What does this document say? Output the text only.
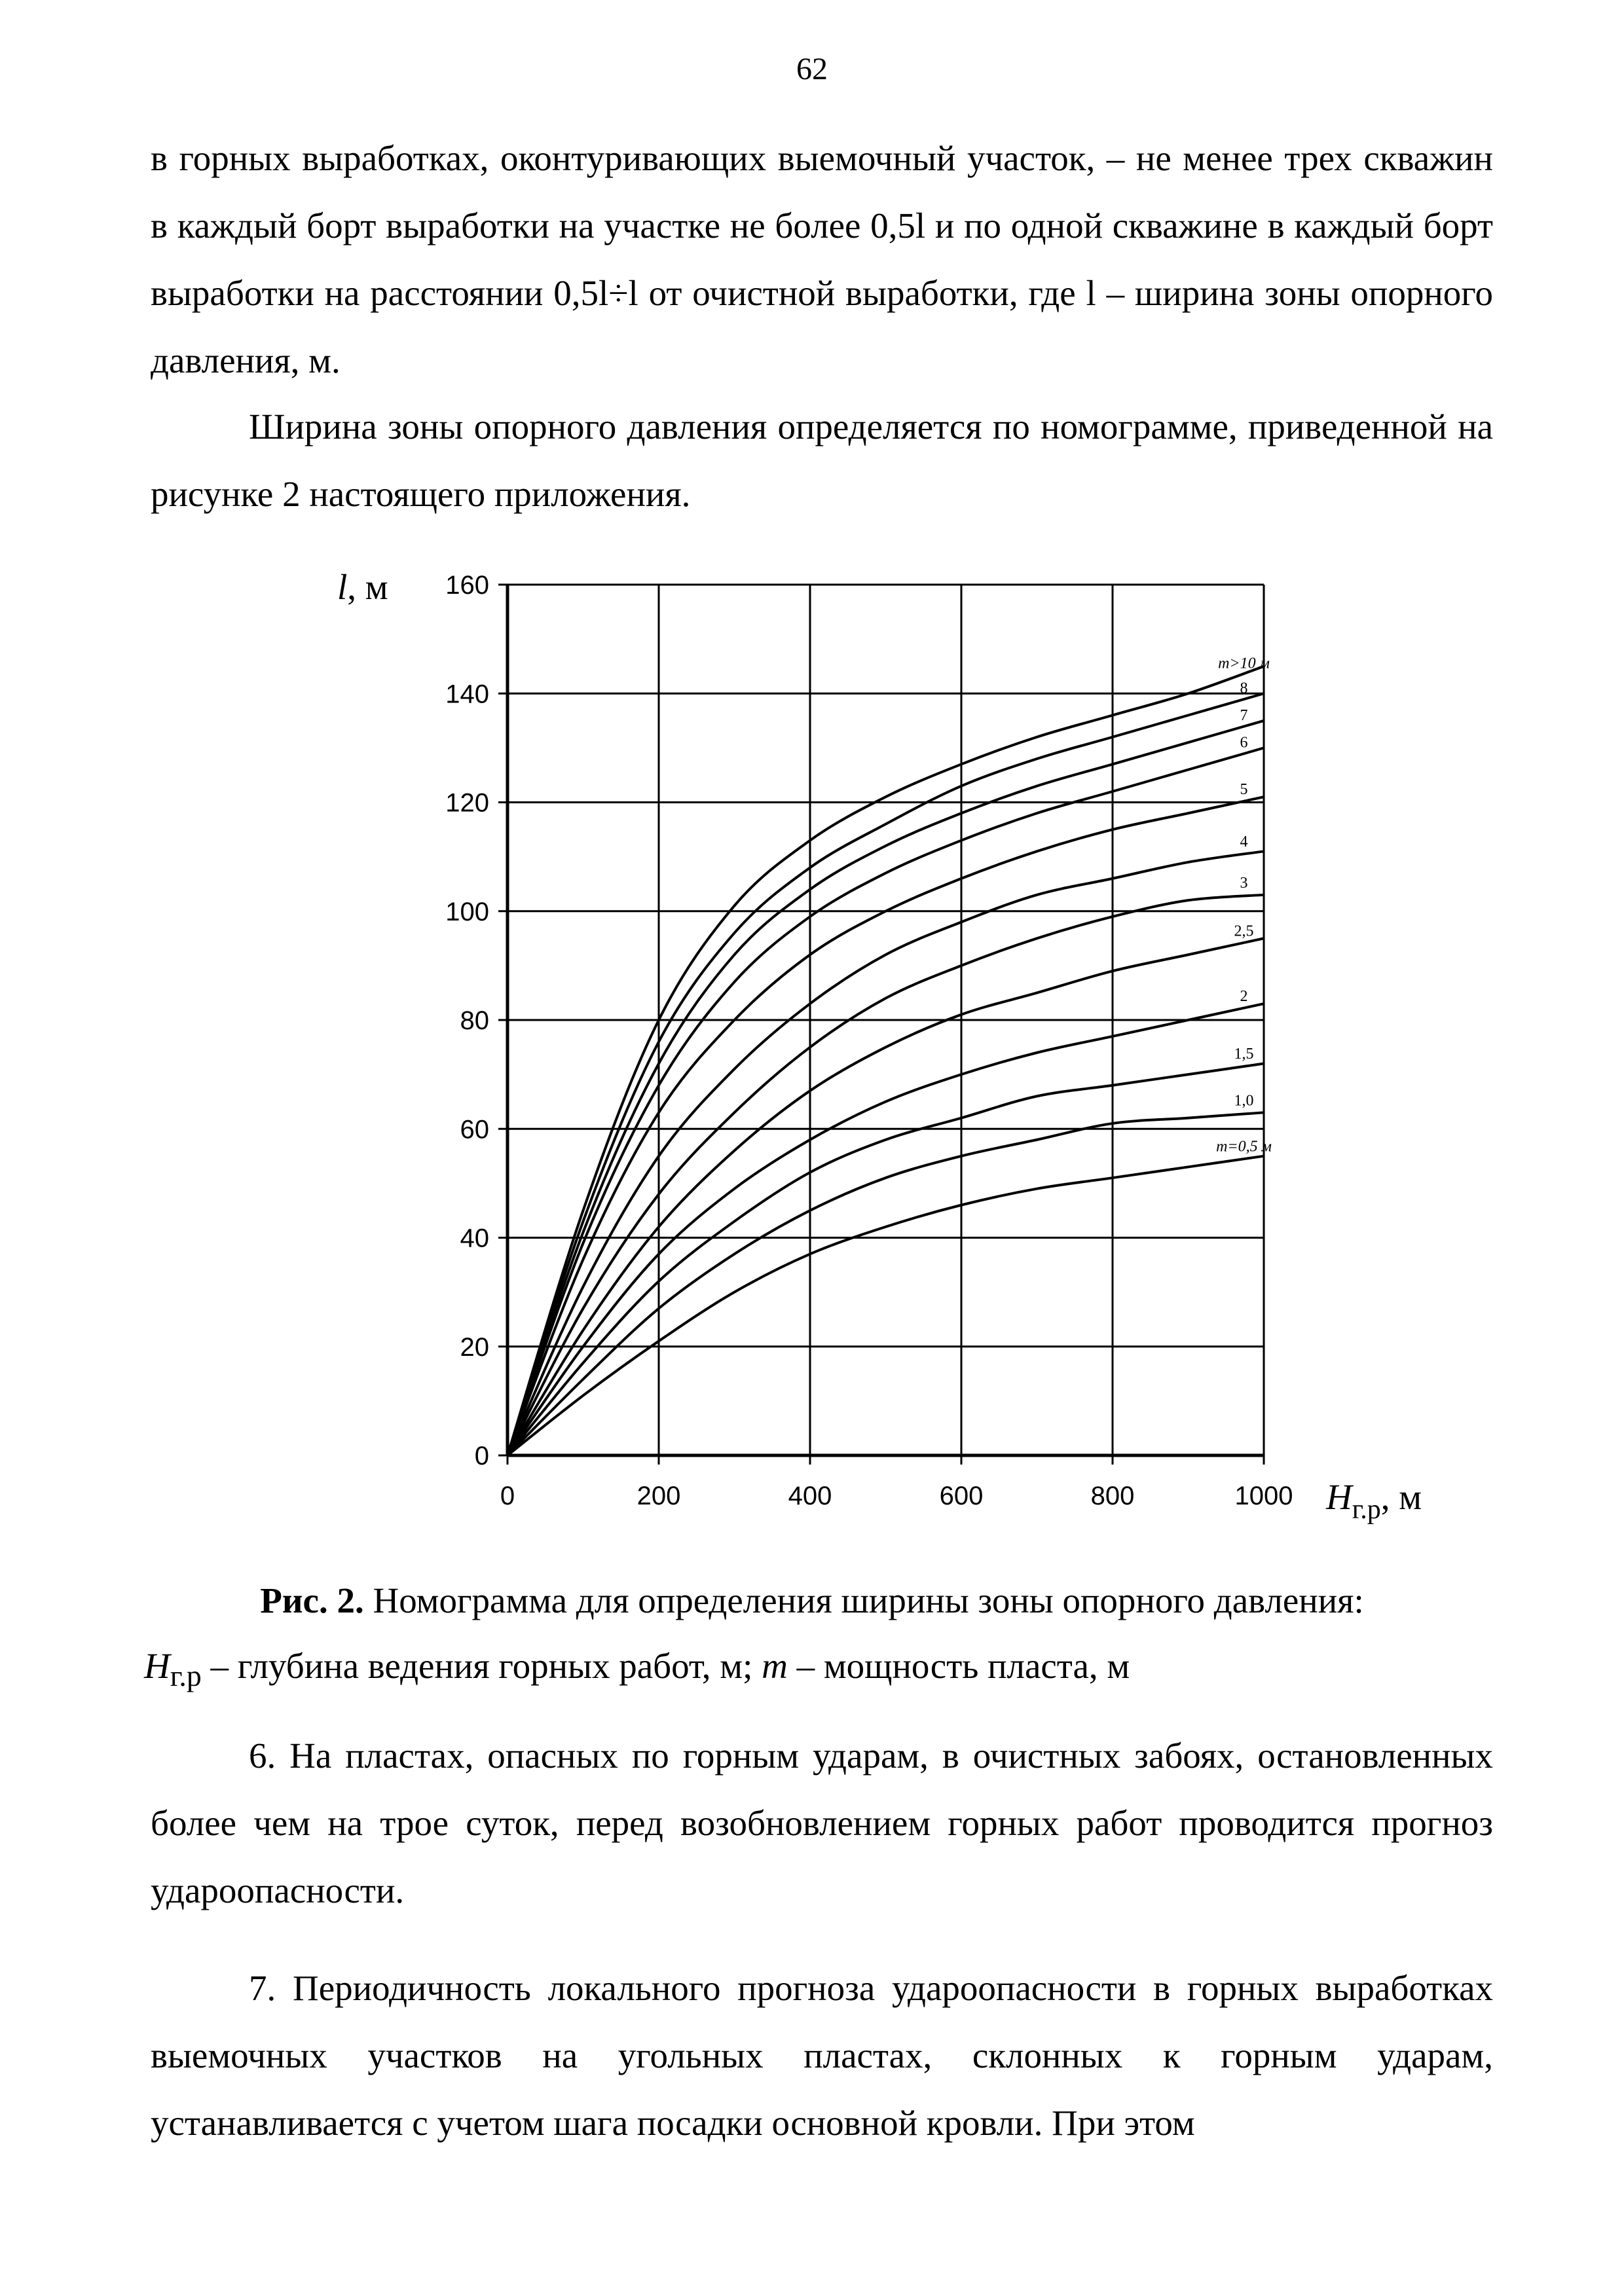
62

в горных выработках, оконтуривающих выемочный участок, – не менее трех скважин в каждый борт выработки на участке не более 0,5l и по одной скважине в каждый борт выработки на расстоянии 0,5l÷l от очистной выработки, где l – ширина зоны опорного давления, м.

Ширина зоны опорного давления определяется по номограмме, приведенной на рисунке 2 настоящего приложения.

0
20
40
60
80
100
120
140
160
0	200	400	600	800	1000
m=0,5 м
1,0
1,5
2
2,5
3
4
5
6
7
8
m>10 м
l, м
$H_{г.р}$, м
Рис. 2. Номограмма для определения ширины зоны опорного давления:
$H_{г.р}$ – глубина ведения горных работ, м; m – мощность пласта, м

6. На пластах, опасных по горным ударам, в очистных забоях, остановленных более чем на трое суток, перед возобновлением горных работ проводится прогноз удароопасности.

7. Периодичность локального прогноза удароопасности в горных выработках выемочных участков на угольных пластах, склонных к горным ударам, устанавливается с учетом шага посадки основной кровли. При этом
